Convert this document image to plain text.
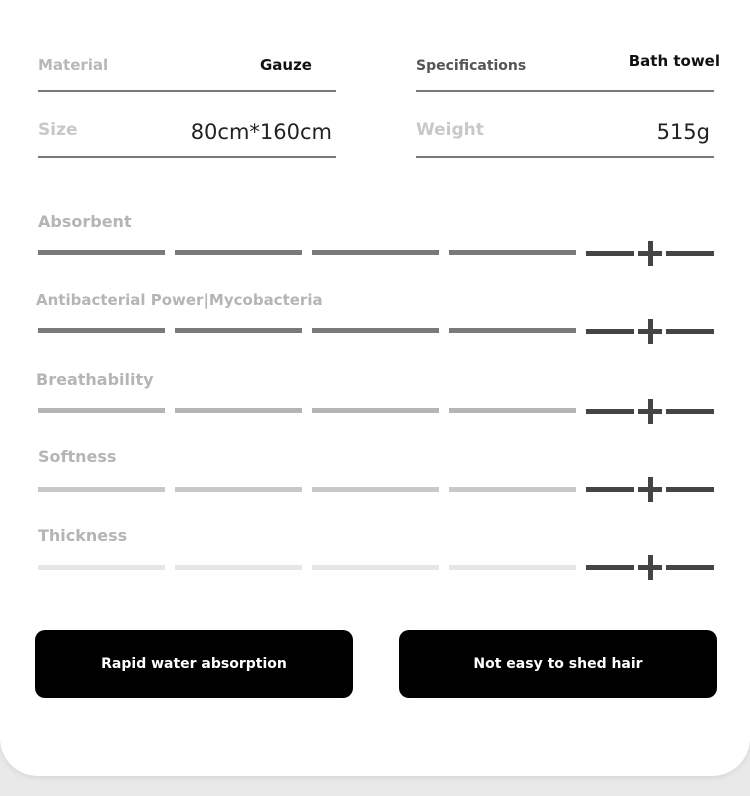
Material	Gauze	Specifications	Bath towel
Size	80cm*160cm	Weight	515g
Absorbent
Antibacterial Power|Mycobacteria
Breathability
Softness
Thickness
Rapid water absorption	Not easy to shed hair
